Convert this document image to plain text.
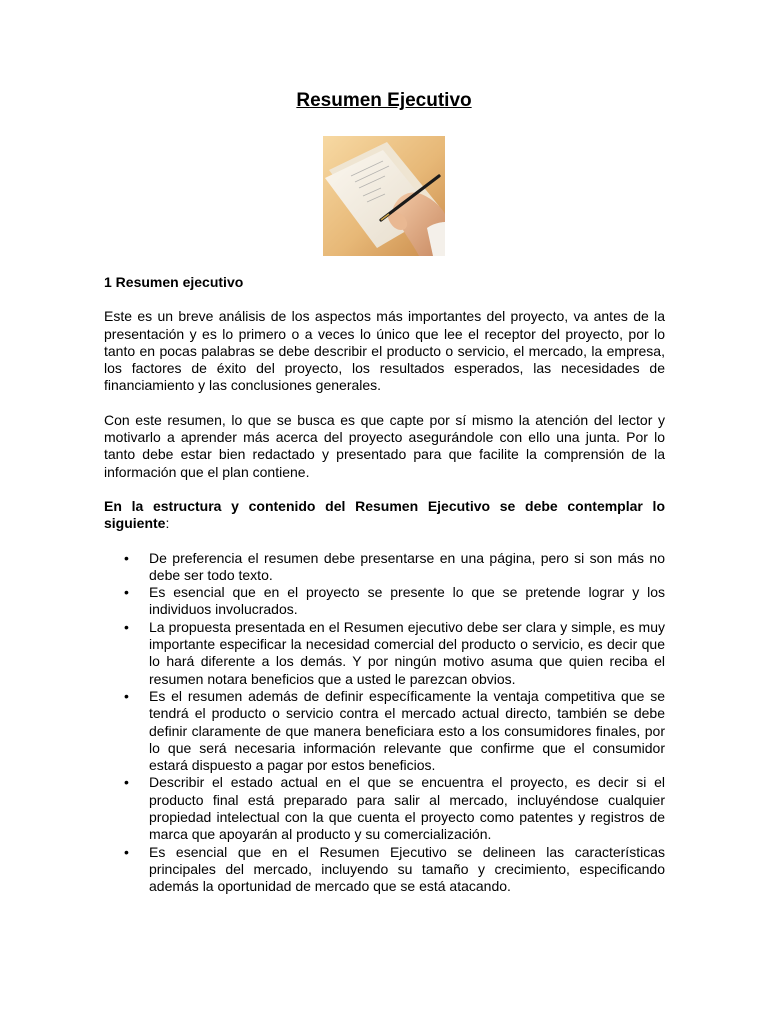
Resumen Ejecutivo

1 Resumen ejecutivo

Este es un breve análisis de los aspectos más importantes del proyecto, va antes de la presentación y es lo primero o a veces lo único que lee el receptor del proyecto, por lo tanto en pocas palabras se debe describir el producto o servicio, el mercado, la empresa, los factores de éxito del proyecto, los resultados esperados, las necesidades de financiamiento y las conclusiones generales.

Con este resumen, lo que se busca es que capte por sí mismo la atención del lector y motivarlo a aprender más acerca del proyecto asegurándole con ello una junta. Por lo tanto debe estar bien redactado y presentado para que facilite la comprensión de la información que el plan contiene.

En la estructura y contenido del Resumen Ejecutivo se debe contemplar lo siguiente:

• De preferencia el resumen debe presentarse en una página, pero si son más no debe ser todo texto.
• Es esencial que en el proyecto se presente lo que se pretende lograr y los individuos involucrados.
• La propuesta presentada en el Resumen ejecutivo debe ser clara y simple, es muy importante especificar la necesidad comercial del producto o servicio, es decir que lo hará diferente a los demás. Y por ningún motivo asuma que quien reciba el resumen notara beneficios que a usted le parezcan obvios.
• Es el resumen además de definir específicamente la ventaja competitiva que se tendrá el producto o servicio contra el mercado actual directo, también se debe definir claramente de que manera beneficiara esto a los consumidores finales, por lo que será necesaria información relevante que confirme que el consumidor estará dispuesto a pagar por estos beneficios.
• Describir el estado actual en el que se encuentra el proyecto, es decir si el producto final está preparado para salir al mercado, incluyéndose cualquier propiedad intelectual con la que cuenta el proyecto como patentes y registros de marca que apoyarán al producto y su comercialización.
• Es esencial que en el Resumen Ejecutivo se delineen las características principales del mercado, incluyendo su tamaño y crecimiento, especificando además la oportunidad de mercado que se está atacando.
